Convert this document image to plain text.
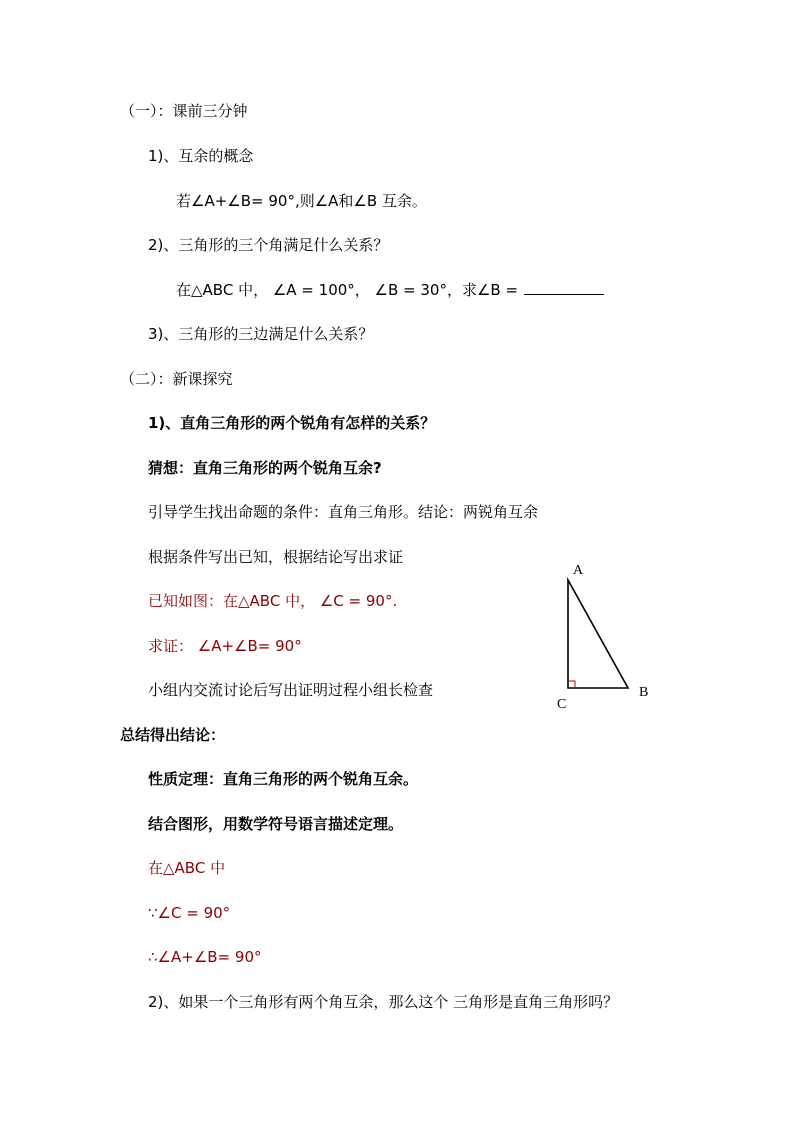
（一）：课前三分钟
1)、互余的概念
若∠A+∠B= 90°,则∠A和∠B 互余。
2)、三角形的三个角满足什么关系？
在△ABC 中， ∠A = 100°， ∠B = 30°，求∠B =
3)、三角形的三边满足什么关系？
（二）：新课探究
1)、直角三角形的两个锐角有怎样的关系？
猜想：直角三角形的两个锐角互余?
引导学生找出命题的条件：直角三角形。结论：两锐角互余
根据条件写出已知，根据结论写出求证
已知如图：在△ABC 中， ∠C = 90°.
求证： ∠A+∠B= 90°
小组内交流讨论后写出证明过程小组长检查
A
B
C
总结得出结论：
性质定理：直角三角形的两个锐角互余。
结合图形，用数学符号语言描述定理。
在△ABC 中
∵∠C = 90°
∴∠A+∠B= 90°
2)、如果一个三角形有两个角互余，那么这个 三角形是直角三角形吗？
